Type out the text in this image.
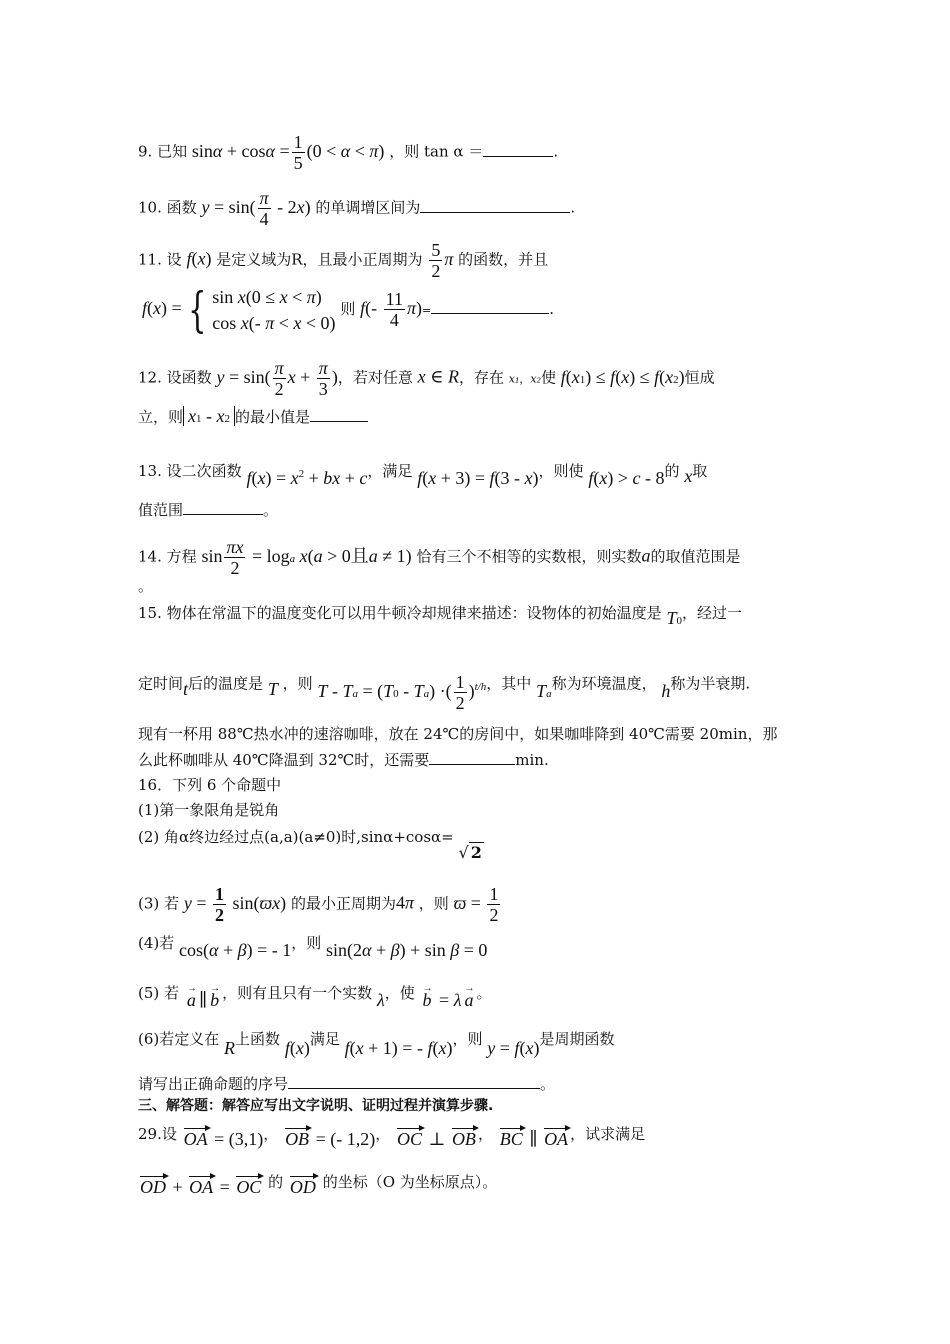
9. 已知 $\sin\alpha + \cos\alpha = \frac{1}{5} (0 < \alpha < \pi)$ ，则 tan α ＝	.
10. 函数 $y = \sin( \frac{\pi}{4} - 2x)$ 的单调增区间为	.
11. 设 f(x) 是定义域为R，且最小正周期为 $\frac{5}{2}$ π 的函数，并且
f(x) = { sin x(0 ≤ x < π)
cos x(- π < x < 0)
则 $f(- \frac{11}{4} \pi)=$	.
12. 设函数 $y = \sin( \frac{\pi}{2}$ $x + \frac{\pi}{3}$ )，若对任意 x ∈ R，存在 x₁，x₂使 f(x1) ≤ f(x) ≤ f(x2)恒成
立，则 x1 - x2 的最小值是
13. 设二次函数 $f(x) = x^2$ + bx + c，满足 f(x + 3) = f(3 - x)，则使 f(x) > c - 8的 x取
值范围	。
14. 方程 $\sin \frac{\pi x}{2} = \log a$ x(a > 0且a ≠ 1) 恰有三个不相等的实数根，则实数a的取值范围是
。
15. 物体在常温下的温度变化可以用牛顿冷却规律来描述：设物体的初始温度是 T0，经过一
定时间t后的温度是 T ，则 T - Ta = (T0 - Ta) ·( $\frac{1}{2} )^{t/h}$，其中 Ta称为环境温度， h称为半衰期.
现有一杯用 88℃热水冲的速溶咖啡，放在 24℃的房间中，如果咖啡降到 40℃需要 20min，那
么此杯咖啡从 40℃降温到 32℃时，还需要	min.
16．下列 6 个命题中
(1)第一象限角是锐角
(2) 角α终边经过点(a,a)(a≠0)时,sinα+cosα= √ 2
(3) 若 $y = \frac{1}{2} \sin(ϖx)$ 的最小正周期为4π ，则 $ϖ = \frac{1}{2}$
(4)若 cos(α + β) = - 1，则 sin(2α + β) + sin β = 0
(5) 若 → a ∥ → b ，则有且只有一个实数 λ，使 → b = λ → a 。
(6)若定义在 R上函数 f(x)满足 f(x + 1) = - f(x)，则 y = f(x)是周期函数
请写出正确命题的序号	。
三、解答题：解答应写出文字说明、证明过程并演算步骤.
29.设 OA = (3,1)， OB = (- 1,2)， OC ⊥ OB ， BC ∥ OA ，试求满足
OD + OA = OC 的 OD 的坐标（O 为坐标原点）。
